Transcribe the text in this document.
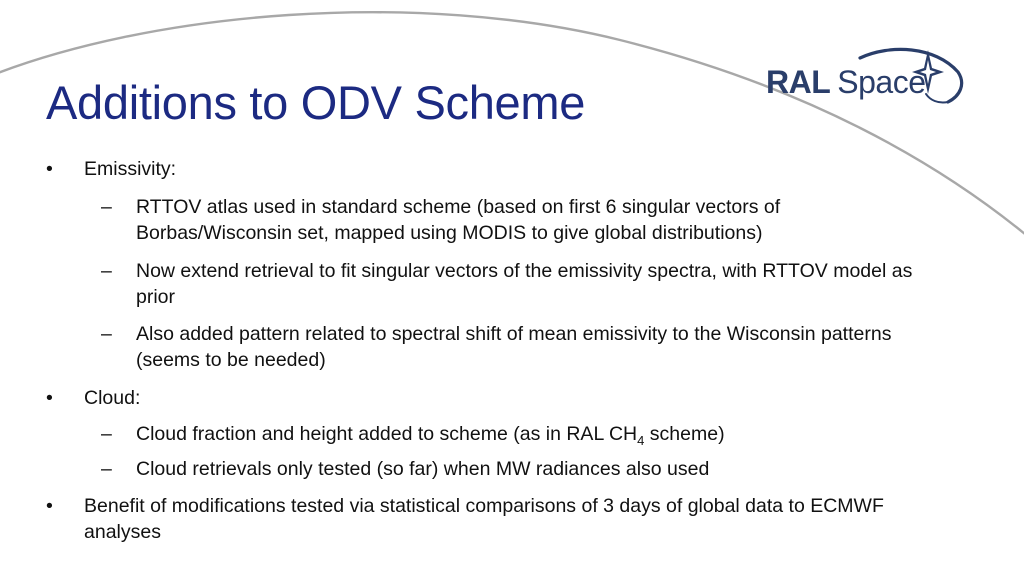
Additions to ODV Scheme	RAL Space
• Emissivity:
– RTTOV atlas used in standard scheme (based on first 6 singular vectors of Borbas/Wisconsin set, mapped using MODIS to give global distributions)
– Now extend retrieval to fit singular vectors of the emissivity spectra, with RTTOV model as prior
– Also added pattern related to spectral shift of mean emissivity to the Wisconsin patterns (seems to be needed)
• Cloud:
– Cloud fraction and height added to scheme (as in RAL $CH_4$ scheme)
– Cloud retrievals only tested (so far) when MW radiances also used
• Benefit of modifications tested via statistical comparisons of 3 days of global data to ECMWF analyses
